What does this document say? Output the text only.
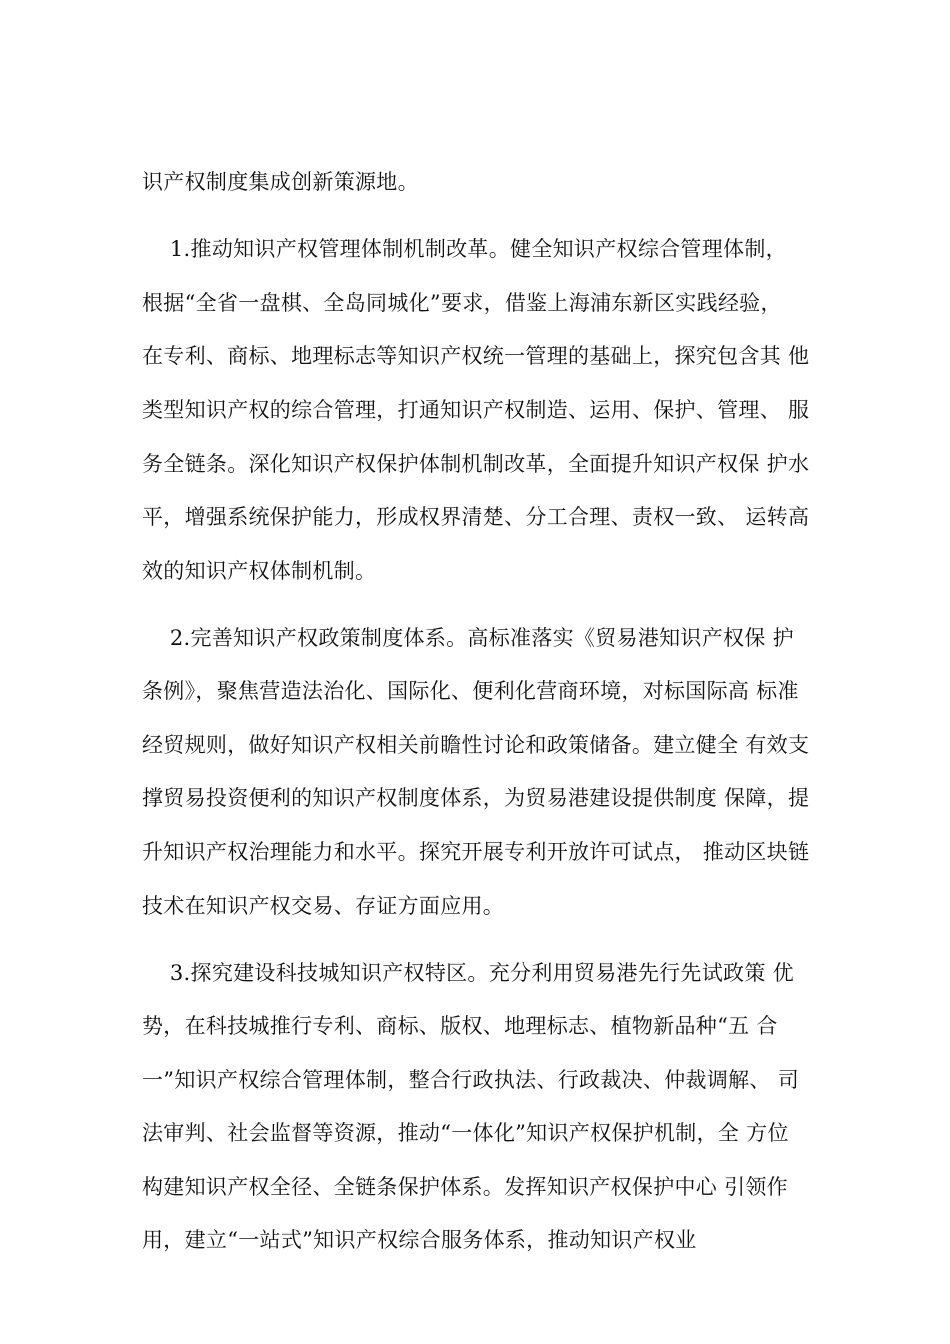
识产权制度集成创新策源地。
1.推动知识产权管理体制机制改革。健全知识产权综合管理体制，
根据“全省一盘棋、全岛同城化”要求，借鉴上海浦东新区实践经验，
在专利、商标、地理标志等知识产权统一管理的基础上，探究包含其 他
类型知识产权的综合管理，打通知识产权制造、运用、保护、管理、 服
务全链条。深化知识产权保护体制机制改革，全面提升知识产权保 护水
平，增强系统保护能力，形成权界清楚、分工合理、责权一致、 运转高
效的知识产权体制机制。
2.完善知识产权政策制度体系。高标准落实《贸易港知识产权保 护
条例》，聚焦营造法治化、国际化、便利化营商环境，对标国际高 标准
经贸规则，做好知识产权相关前瞻性讨论和政策储备。建立健全 有效支
撑贸易投资便利的知识产权制度体系，为贸易港建设提供制度 保障，提
升知识产权治理能力和水平。探究开展专利开放许可试点， 推动区块链
技术在知识产权交易、存证方面应用。
3.探究建设科技城知识产权特区。充分利用贸易港先行先试政策 优
势，在科技城推行专利、商标、版权、地理标志、植物新品种“五 合
一”知识产权综合管理体制，整合行政执法、行政裁决、仲裁调解、 司
法审判、社会监督等资源，推动“一体化”知识产权保护机制，全 方位
构建知识产权全径、全链条保护体系。发挥知识产权保护中心 引领作
用，建立“一站式”知识产权综合服务体系，推动知识产权业
